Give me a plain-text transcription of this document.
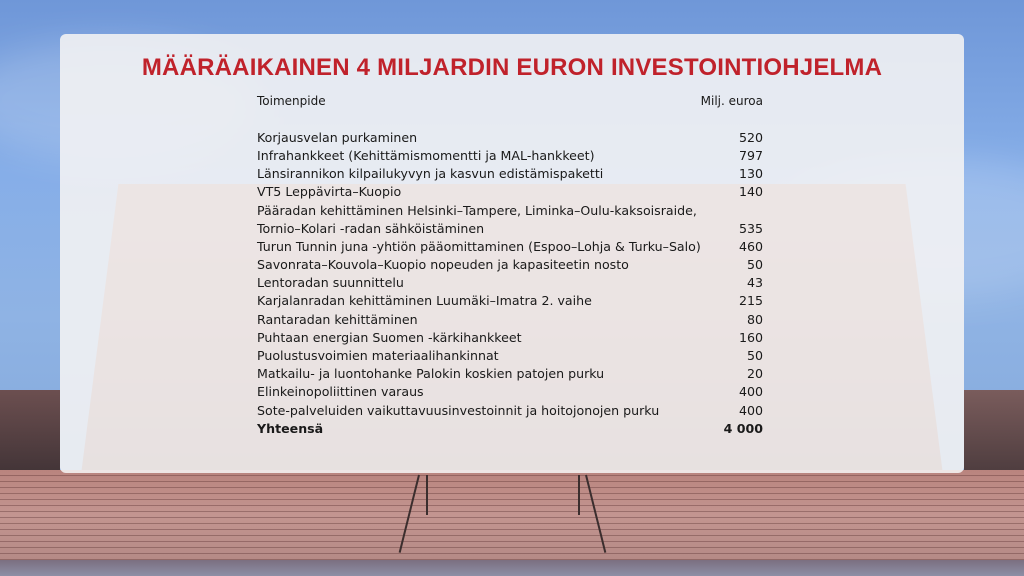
MÄÄRÄAIKAINEN 4 MILJARDIN EURON INVESTOINTIOHJELMA
Toimenpide	Milj. euroa
Korjausvelan purkaminen	520
Infrahankkeet (Kehittämismomentti ja MAL-hankkeet)	797
Länsirannikon kilpailukyvyn ja kasvun edistämispaketti	130
VT5 Leppävirta–Kuopio	140
Pääradan kehittäminen Helsinki–Tampere, Liminka–Oulu-kaksoisraide,
Tornio–Kolari -radan sähköistäminen	535
Turun Tunnin juna -yhtiön pääomittaminen (Espoo–Lohja & Turku–Salo)	460
Savonrata–Kouvola–Kuopio nopeuden ja kapasiteetin nosto	50
Lentoradan suunnittelu	43
Karjalanradan kehittäminen Luumäki–Imatra 2. vaihe	215
Rantaradan kehittäminen	80
Puhtaan energian Suomen -kärkihankkeet	160
Puolustusvoimien materiaalihankinnat	50
Matkailu- ja luontohanke Palokin koskien patojen purku	20
Elinkeinopoliittinen varaus	400
Sote-palveluiden vaikuttavuusinvestoinnit ja hoitojonojen purku	400
Yhteensä	4 000
